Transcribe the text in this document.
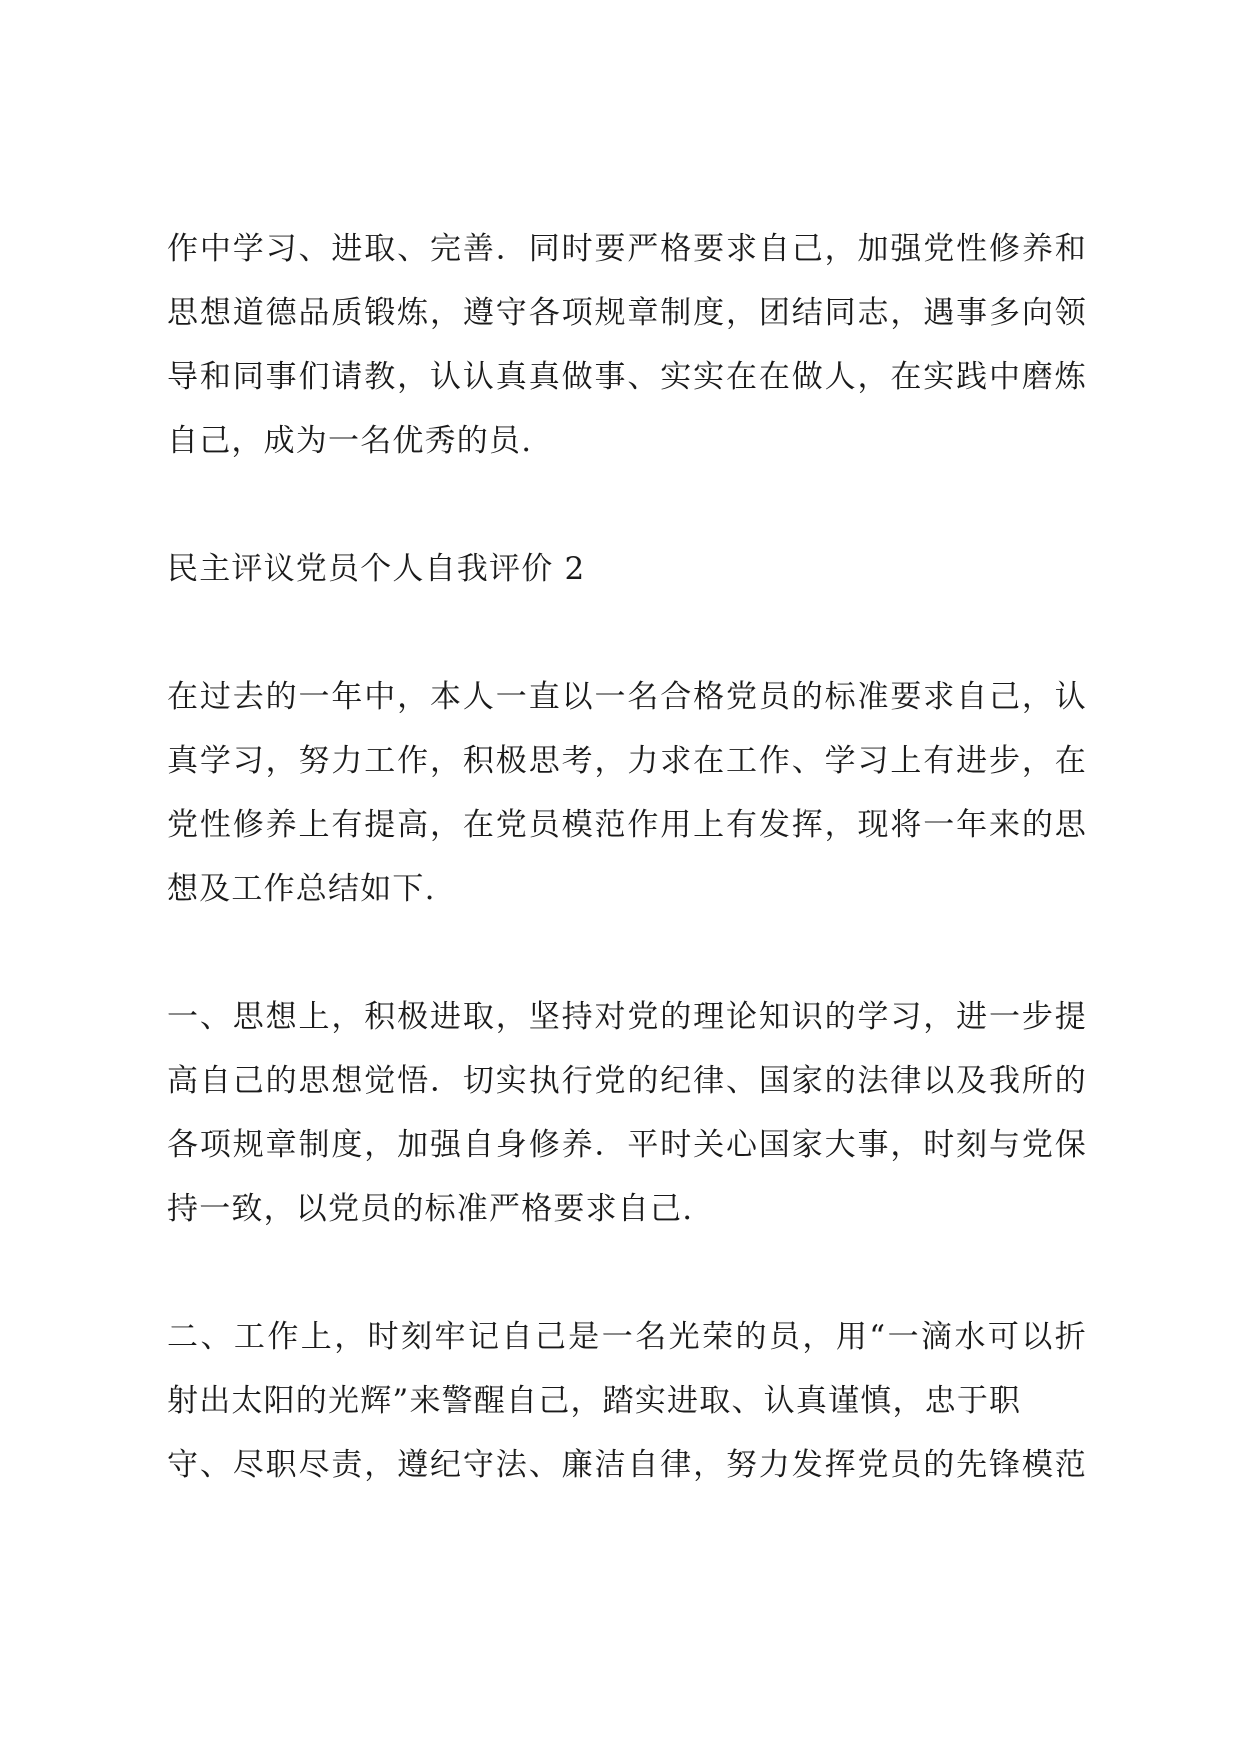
作中学习、进取、完善．同时要严格要求自己，加强党性修养和
思想道德品质锻炼，遵守各项规章制度，团结同志，遇事多向领
导和同事们请教，认认真真做事、实实在在做人，在实践中磨炼
自己，成为一名优秀的员.
民主评议党员个人自我评价 2
在过去的一年中，本人一直以一名合格党员的标准要求自己，认
真学习，努力工作，积极思考，力求在工作、学习上有进步，在
党性修养上有提高，在党员模范作用上有发挥，现将一年来的思
想及工作总结如下.
一、思想上，积极进取，坚持对党的理论知识的学习，进一步提
高自己的思想觉悟．切实执行党的纪律、国家的法律以及我所的
各项规章制度，加强自身修养．平时关心国家大事，时刻与党保
持一致，以党员的标准严格要求自己.
二、工作上，时刻牢记自己是一名光荣的员，用“一滴水可以折
射出太阳的光辉”来警醒自己，踏实进取、认真谨慎，忠于职
守、尽职尽责，遵纪守法、廉洁自律，努力发挥党员的先锋模范
